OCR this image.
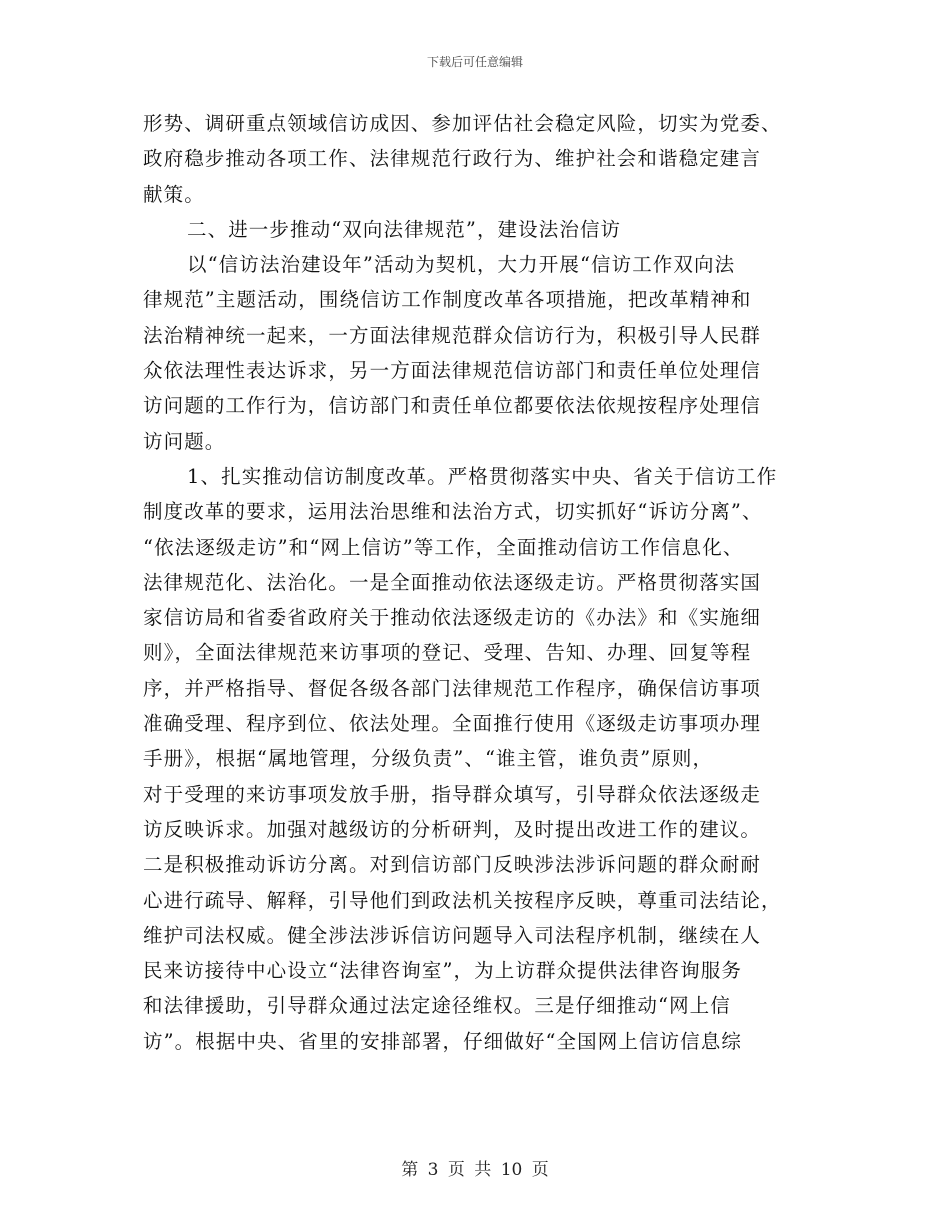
下载后可任意编辑
形势、调研重点领域信访成因、参加评估社会稳定风险，切实为党委、
政府稳步推动各项工作、法律规范行政行为、维护社会和谐稳定建言
献策。
二、进一步推动“双向法律规范”，建设法治信访
以“信访法治建设年”活动为契机，大力开展“信访工作双向法
律规范”主题活动，围绕信访工作制度改革各项措施，把改革精神和
法治精神统一起来，一方面法律规范群众信访行为，积极引导人民群
众依法理性表达诉求，另一方面法律规范信访部门和责任单位处理信
访问题的工作行为，信访部门和责任单位都要依法依规按程序处理信
访问题。
1、扎实推动信访制度改革。严格贯彻落实中央、省关于信访工作
制度改革的要求，运用法治思维和法治方式，切实抓好“诉访分离”、
“依法逐级走访”和“网上信访”等工作，全面推动信访工作信息化、
法律规范化、法治化。一是全面推动依法逐级走访。严格贯彻落实国
家信访局和省委省政府关于推动依法逐级走访的《办法》和《实施细
则》，全面法律规范来访事项的登记、受理、告知、办理、回复等程
序，并严格指导、督促各级各部门法律规范工作程序，确保信访事项
准确受理、程序到位、依法处理。全面推行使用《逐级走访事项办理
手册》，根据“属地管理，分级负责”、“谁主管，谁负责”原则，
对于受理的来访事项发放手册，指导群众填写，引导群众依法逐级走
访反映诉求。加强对越级访的分析研判，及时提出改进工作的建议。
二是积极推动诉访分离。对到信访部门反映涉法涉诉问题的群众耐耐
心进行疏导、解释，引导他们到政法机关按程序反映，尊重司法结论，
维护司法权威。健全涉法涉诉信访问题导入司法程序机制，继续在人
民来访接待中心设立“法律咨询室”，为上访群众提供法律咨询服务
和法律援助，引导群众通过法定途径维权。三是仔细推动“网上信
访”。根据中央、省里的安排部署，仔细做好“全国网上信访信息综
第 3 页 共 10 页
